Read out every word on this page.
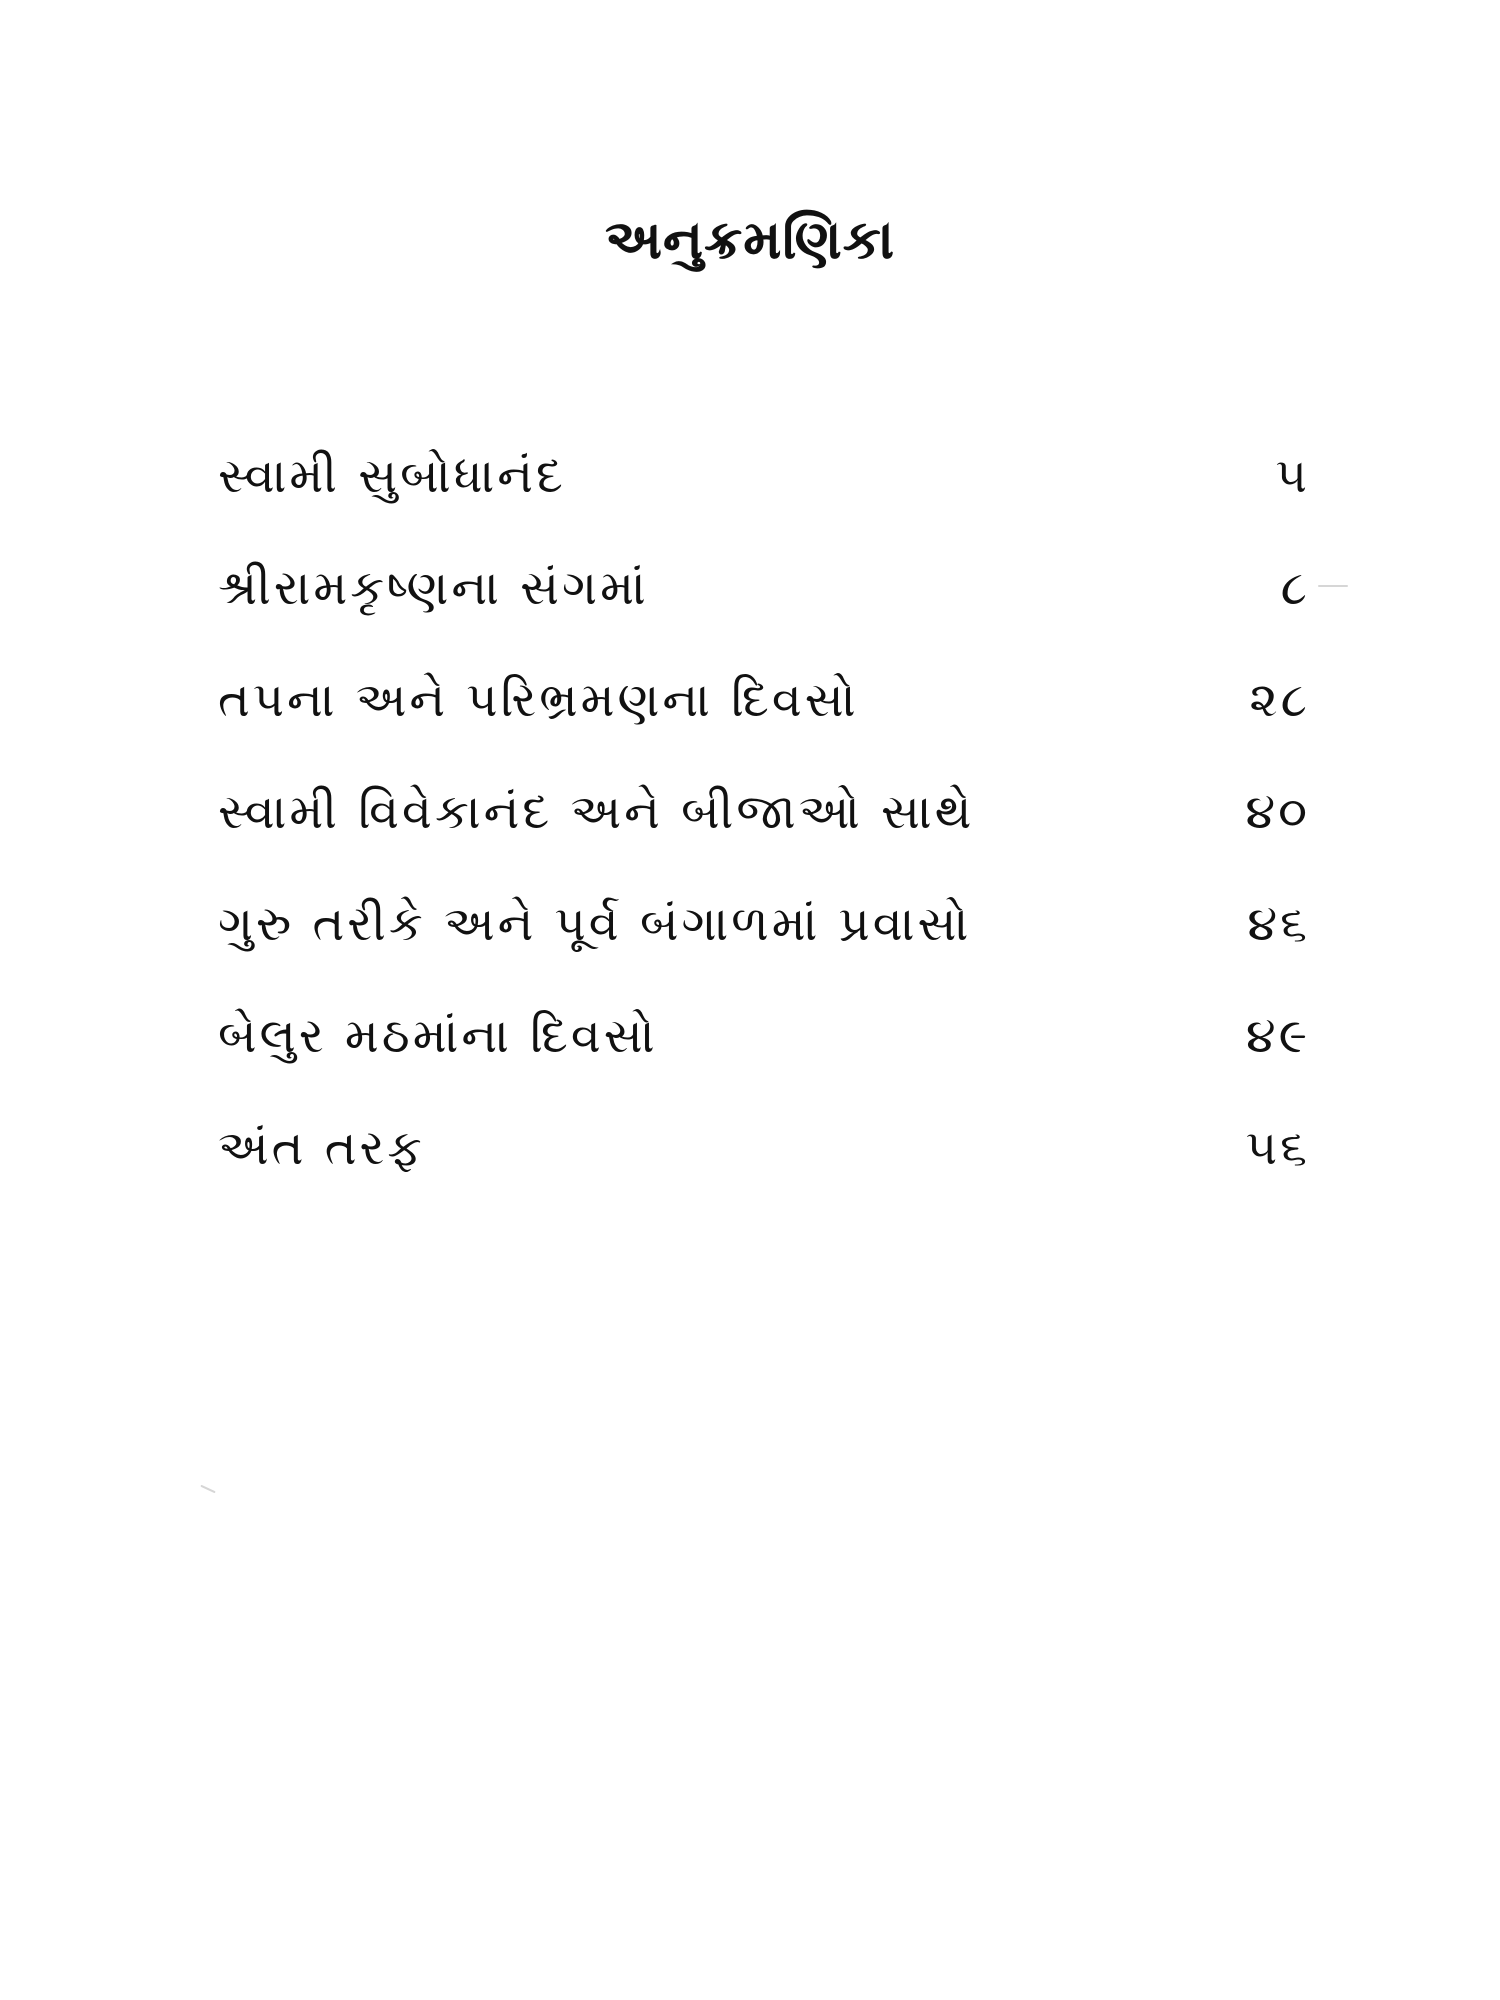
અનુક્રમણિકા
સ્વામી સુબોધાનંદ	૫
શ્રીરામકૃષ્ણના સંગમાં	૮
તપના અને પરિભ્રમણના દિવસો	૨૮
સ્વામી વિવેકાનંદ અને બીજાઓ સાથે	૪૦
ગુરુ તરીકે અને પૂર્વ બંગાળમાં પ્રવાસો	૪૬
બેલુર મઠમાંના દિવસો	૪૯
અંત તરફ	૫૬
